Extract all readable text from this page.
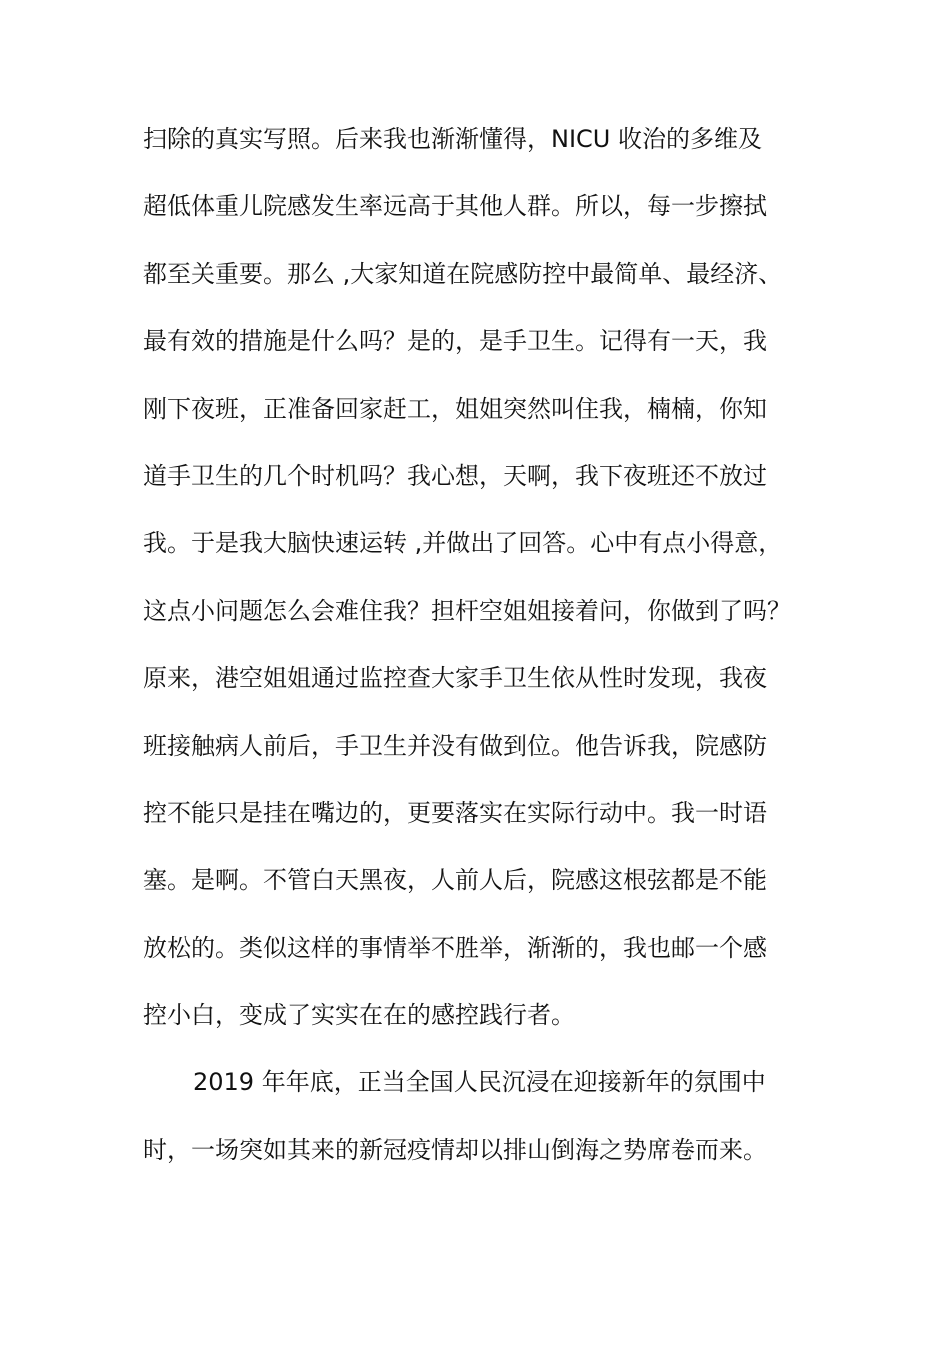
扫除的真实写照。后来我也渐渐懂得，NICU 收治的多维及
超低体重儿院感发生率远高于其他人群。所以，每一步擦拭
都至关重要。那么 ,大家知道在院感防控中最简单、最经济、
最有效的措施是什么吗？是的，是手卫生。记得有一天，我
刚下夜班，正准备回家赶工，姐姐突然叫住我，楠楠，你知
道手卫生的几个时机吗？我心想，天啊，我下夜班还不放过
我。于是我大脑快速运转 ,并做出了回答。心中有点小得意，
这点小问题怎么会难住我？担杆空姐姐接着问，你做到了吗？
原来，港空姐姐通过监控查大家手卫生依从性时发现，我夜
班接触病人前后，手卫生并没有做到位。他告诉我，院感防
控不能只是挂在嘴边的，更要落实在实际行动中。我一时语
塞。是啊。不管白天黑夜，人前人后，院感这根弦都是不能
放松的。类似这样的事情举不胜举，渐渐的，我也邮一个感
控小白，变成了实实在在的感控践行者。
2019 年年底，正当全国人民沉浸在迎接新年的氛围中
时，一场突如其来的新冠疫情却以排山倒海之势席卷而来。
